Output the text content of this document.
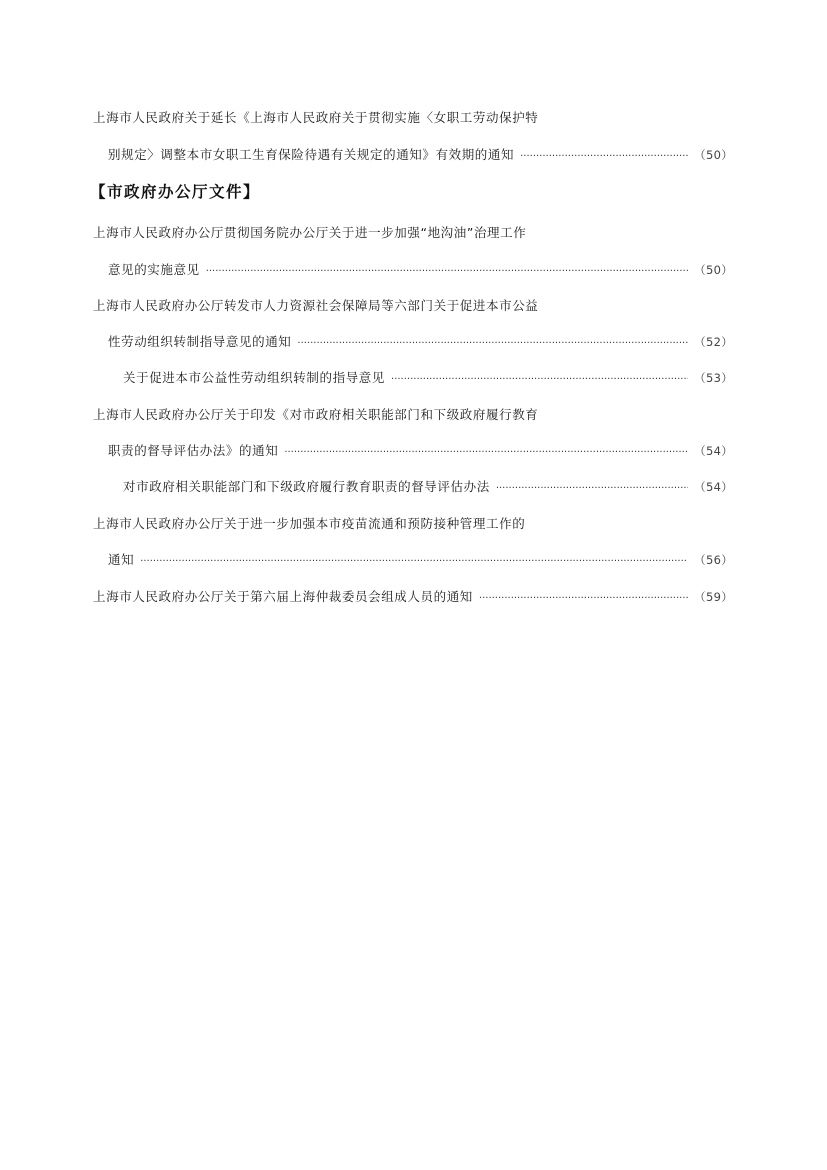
上海市人民政府关于延长《上海市人民政府关于贯彻实施〈女职工劳动保护特
别规定〉调整本市女职工生育保险待遇有关规定的通知》有效期的通知 ·····	（50）
【市政府办公厅文件】
上海市人民政府办公厅贯彻国务院办公厅关于进一步加强“地沟油”治理工作
意见的实施意见 ·····	（50）
上海市人民政府办公厅转发市人力资源社会保障局等六部门关于促进本市公益
性劳动组织转制指导意见的通知 ·····	（52）
关于促进本市公益性劳动组织转制的指导意见 ·····	（53）
上海市人民政府办公厅关于印发《对市政府相关职能部门和下级政府履行教育
职责的督导评估办法》的通知 ·····	（54）
对市政府相关职能部门和下级政府履行教育职责的督导评估办法 ·····	（54）
上海市人民政府办公厅关于进一步加强本市疫苗流通和预防接种管理工作的
通知 ·····	（56）
上海市人民政府办公厅关于第六届上海仲裁委员会组成人员的通知 ·····	（59）
